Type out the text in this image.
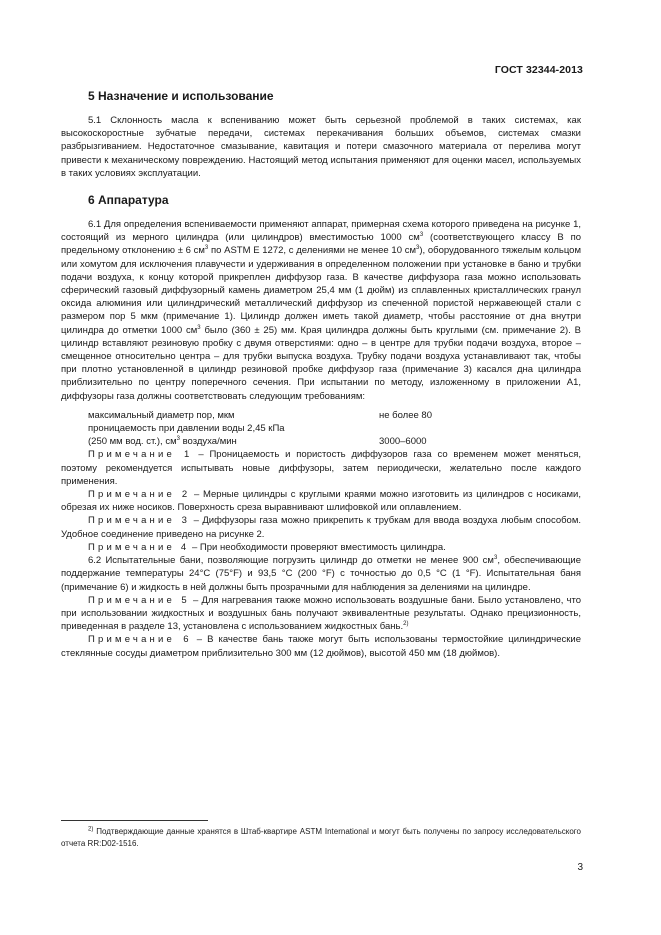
ГОСТ 32344-2013
5 Назначение и использование

5.1 Склонность масла к вспениванию может быть серьезной проблемой в таких системах, как высокоскоростные зубчатые передачи, системах перекачивания больших объемов, системах смазки разбрызгиванием. Недостаточное смазывание, кавитация и потери смазочного материала от перелива могут привести к механическому повреждению. Настоящий метод испытания применяют для оценки масел, используемых в таких условиях эксплуатации.

6 Аппаратура

6.1 Для определения вспениваемости применяют аппарат, примерная схема которого приведена на рисунке 1, состоящий из мерного цилиндра (или цилиндров) вместимостью 1000 $см^3$ (соответствующего классу В по предельному отклонению ± 6 $см^3$ по ASTM E 1272, с делениями не менее 10 $см^3$), оборудованного тяжелым кольцом или хомутом для исключения плавучести и удерживания в определенном положении при установке в баню и трубки подачи воздуха, к концу которой прикреплен диффузор газа. В качестве диффузора газа можно использовать сферический газовый диффузорный камень диаметром 25,4 мм (1 дюйм) из сплавленных кристаллических гранул оксида алюминия или цилиндрический металлический диффузор из спеченной пористой нержавеющей стали с размером пор 5 мкм (примечание 1). Цилиндр должен иметь такой диаметр, чтобы расстояние от дна внутри цилиндра до отметки 1000 $см^3$ было (360 ± 25) мм. Края цилиндра должны быть круглыми (см. примечание 2). В цилиндр вставляют резиновую пробку с двумя отверстиями: одно – в центре для трубки подачи воздуха, второе – смещенное относительно центра – для трубки выпуска воздуха. Трубку подачи воздуха устанавливают так, чтобы при плотно установленной в цилиндр резиновой пробке диффузор газа (примечание 3) касался дна цилиндра приблизительно по центру поперечного сечения. При испытании по методу, изложенному в приложении А1, диффузоры газа должны соответствовать следующим требованиям:

максимальный диаметр пор, мкм	не более 80
проницаемость при давлении воды 2,45 кПа
(250 мм вод. ст.), $см^3$ воздуха/мин	3000–6000

Примечание 1 – Проницаемость и пористость диффузоров газа со временем может меняться, поэтому рекомендуется испытывать новые диффузоры, затем периодически, желательно после каждого применения.

Примечание 2 – Мерные цилиндры с круглыми краями можно изготовить из цилиндров с носиками, обрезая их ниже носиков. Поверхность среза выравнивают шлифовкой или оплавлением.

Примечание 3 – Диффузоры газа можно прикрепить к трубкам для ввода воздуха любым способом. Удобное соединение приведено на рисунке 2.

Примечание 4 – При необходимости проверяют вместимость цилиндра.

6.2 Испытательные бани, позволяющие погрузить цилиндр до отметки не менее 900 $см^3$, обеспечивающие поддержание температуры 24°С (75°F) и 93,5 °С (200 °F) с точностью до 0,5 °С (1 °F). Испытательная баня (примечание 6) и жидкость в ней должны быть прозрачными для наблюдения за делениями на цилиндре.

Примечание 5 – Для нагревания также можно использовать воздушные бани. Было установлено, что при использовании жидкостных и воздушных бань получают эквивалентные результаты. Однако прецизионность, приведенная в разделе 13, установлена с использованием жидкостных бань.$^{2)}$

Примечание 6 – В качестве бань также могут быть использованы термостойкие цилиндрические стеклянные сосуды диаметром приблизительно 300 мм (12 дюймов), высотой 450 мм (18 дюймов).

$^{2)}$ Подтверждающие данные хранятся в Штаб-квартире ASTM International и могут быть получены по запросу исследовательского отчета RR:D02-1516.
3
